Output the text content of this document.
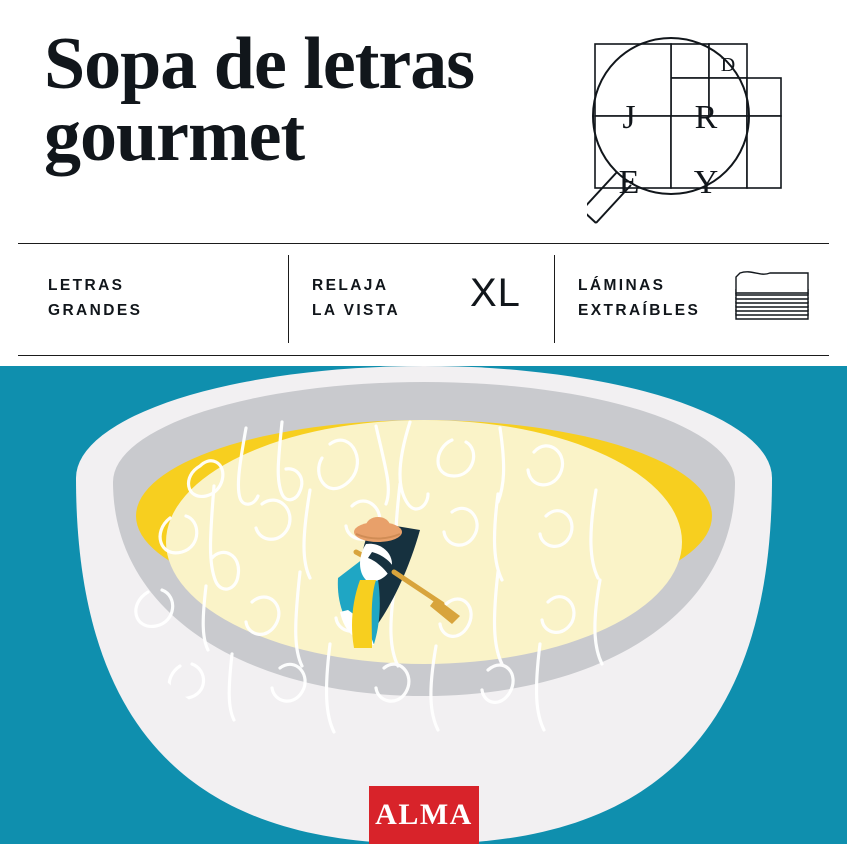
Sopa de letras
gourmet	J R
E Y
D
LETRAS
GRANDES
RELAJA
LA VISTA XL	LÁMINAS
EXTRAÍBLES
ALMA
